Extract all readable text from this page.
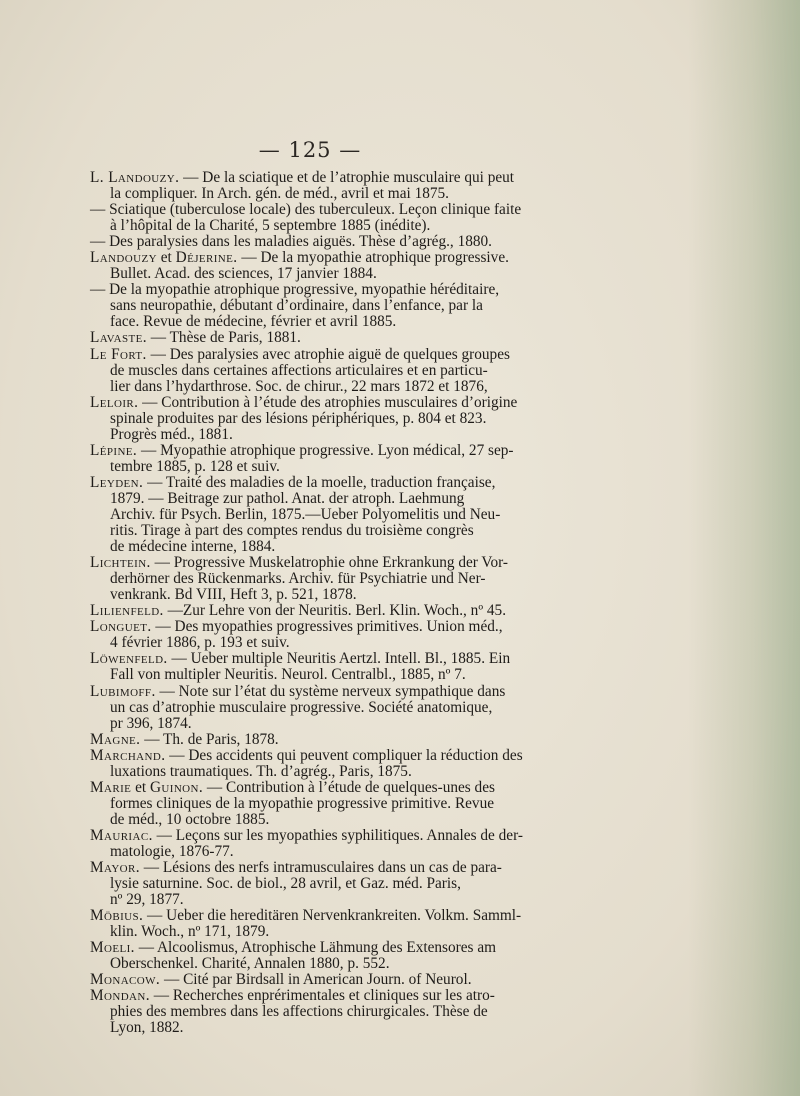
— 125 —
L. Landouzy. — De la sciatique et de l’atrophie musculaire qui peut
la compliquer. In Arch. gén. de méd., avril et mai 1875.
— Sciatique (tuberculose locale) des tuberculeux. Leçon clinique faite
à l’hôpital de la Charité, 5 septembre 1885 (inédite).
— Des paralysies dans les maladies aiguës. Thèse d’agrég., 1880.
Landouzy et Déjerine. — De la myopathie atrophique progressive.
Bullet. Acad. des sciences, 17 janvier 1884.
— De la myopathie atrophique progressive, myopathie héréditaire,
sans neuropathie, débutant d’ordinaire, dans l’enfance, par la
face. Revue de médecine, février et avril 1885.
Lavaste. — Thèse de Paris, 1881.
Le Fort. — Des paralysies avec atrophie aiguë de quelques groupes
de muscles dans certaines affections articulaires et en particu-
lier dans l’hydarthrose. Soc. de chirur., 22 mars 1872 et 1876,
Leloir. — Contribution à l’étude des atrophies musculaires d’origine
spinale produites par des lésions périphériques, p. 804 et 823.
Progrès méd., 1881.
Lépine. — Myopathie atrophique progressive. Lyon médical, 27 sep-
tembre 1885, p. 128 et suiv.
Leyden. — Traité des maladies de la moelle, traduction française,
1879. — Beitrage zur pathol. Anat. der atroph. Laehmung
Archiv. für Psych. Berlin, 1875.—Ueber Polyomelitis und Neu-
ritis. Tirage à part des comptes rendus du troisième congrès
de médecine interne, 1884.
Lichtein. — Progressive Muskelatrophie ohne Erkrankung der Vor-
derhörner des Rückenmarks. Archiv. für Psychiatrie und Ner-
venkrank. Bd VIII, Heft 3, p. 521, 1878.
Lilienfeld. —Zur Lehre von der Neuritis. Berl. Klin. Woch., nº 45.
Longuet. — Des myopathies progressives primitives. Union méd.,
4 février 1886, p. 193 et suiv.
Löwenfeld. — Ueber multiple Neuritis Aertzl. Intell. Bl., 1885. Ein
Fall von multipler Neuritis. Neurol. Centralbl., 1885, nº 7.
Lubimoff. — Note sur l’état du système nerveux sympathique dans
un cas d’atrophie musculaire progressive. Société anatomique,
pr 396, 1874.
Magne. — Th. de Paris, 1878.
Marchand. — Des accidents qui peuvent compliquer la réduction des
luxations traumatiques. Th. d’agrég., Paris, 1875.
Marie et Guinon. — Contribution à l’étude de quelques-unes des
formes cliniques de la myopathie progressive primitive. Revue
de méd., 10 octobre 1885.
Mauriac. — Leçons sur les myopathies syphilitiques. Annales de der-
matologie, 1876-77.
Mayor. — Lésions des nerfs intramusculaires dans un cas de para-
lysie saturnine. Soc. de biol., 28 avril, et Gaz. méd. Paris,
nº 29, 1877.
Möbius. — Ueber die hereditären Nervenkrankreiten. Volkm. Samml-
klin. Woch., nº 171, 1879.
Moeli. — Alcoolismus, Atrophische Lähmung des Extensores am
Oberschenkel. Charité, Annalen 1880, p. 552.
Monacow. — Cité par Birdsall in American Journ. of Neurol.
Mondan. — Recherches enprérimentales et cliniques sur les atro-
phies des membres dans les affections chirurgicales. Thèse de
Lyon, 1882.
